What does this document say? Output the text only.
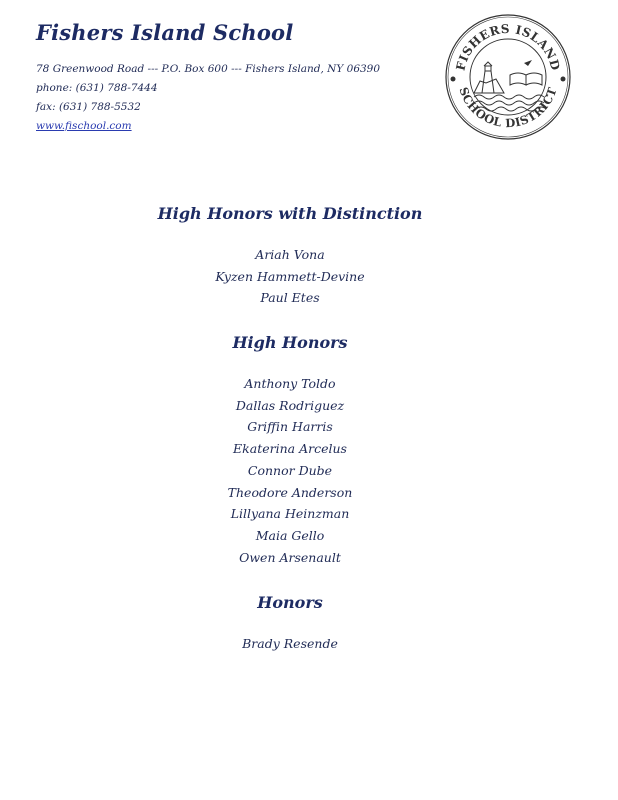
Fishers Island School
78 Greenwood Road --- P.O. Box 600 --- Fishers Island, NY 06390
phone: (631) 788-7444
fax: (631) 788-5532
www.fischool.com
FISHERS ISLAND
SCHOOL DISTRICT
High Honors with Distinction
Ariah Vona
Kyzen Hammett-Devine
Paul Etes
High Honors
Anthony Toldo
Dallas Rodriguez
Griffin Harris
Ekaterina Arcelus
Connor Dube
Theodore Anderson
Lillyana Heinzman
Maia Gello
Owen Arsenault
Honors
Brady Resende
